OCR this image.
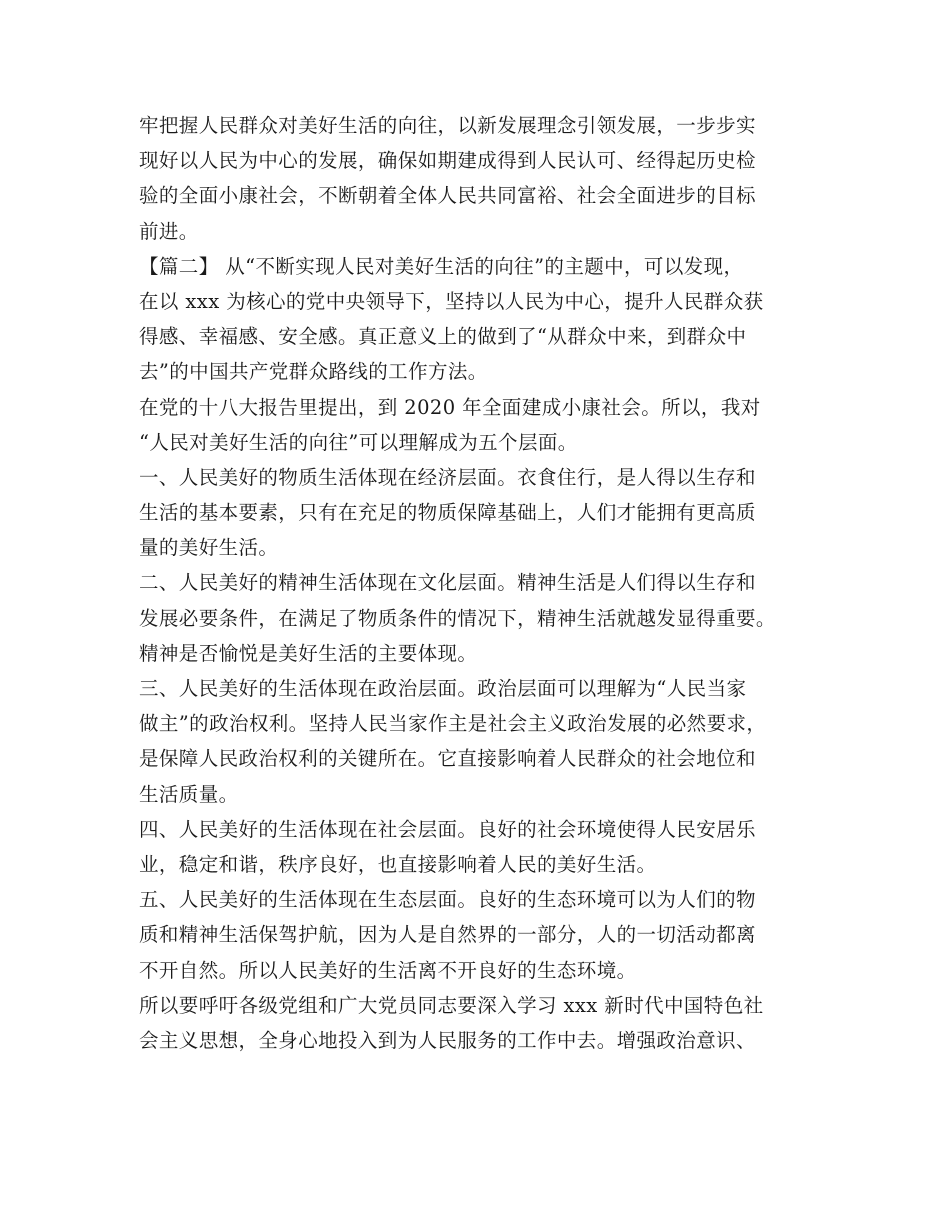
牢把握人民群众对美好生活的向往，以新发展理念引领发展，一步步实
现好以人民为中心的发展，确保如期建成得到人民认可、经得起历史检
验的全面小康社会，不断朝着全体人民共同富裕、社会全面进步的目标
前进。
【篇二】 从“不断实现人民对美好生活的向往”的主题中，可以发现，
在以 xxx 为核心的党中央领导下，坚持以人民为中心，提升人民群众获
得感、幸福感、安全感。真正意义上的做到了“从群众中来，到群众中
去”的中国共产党群众路线的工作方法。
在党的十八大报告里提出，到 2020 年全面建成小康社会。所以，我对
“人民对美好生活的向往”可以理解成为五个层面。
一、人民美好的物质生活体现在经济层面。衣食住行，是人得以生存和
生活的基本要素，只有在充足的物质保障基础上，人们才能拥有更高质
量的美好生活。
二、人民美好的精神生活体现在文化层面。精神生活是人们得以生存和
发展必要条件，在满足了物质条件的情况下，精神生活就越发显得重要。
精神是否愉悦是美好生活的主要体现。
三、人民美好的生活体现在政治层面。政治层面可以理解为“人民当家
做主”的政治权利。坚持人民当家作主是社会主义政治发展的必然要求，
是保障人民政治权利的关键所在。它直接影响着人民群众的社会地位和
生活质量。
四、人民美好的生活体现在社会层面。良好的社会环境使得人民安居乐
业，稳定和谐，秩序良好，也直接影响着人民的美好生活。
五、人民美好的生活体现在生态层面。良好的生态环境可以为人们的物
质和精神生活保驾护航，因为人是自然界的一部分，人的一切活动都离
不开自然。所以人民美好的生活离不开良好的生态环境。
所以要呼吁各级党组和广大党员同志要深入学习 xxx 新时代中国特色社
会主义思想，全身心地投入到为人民服务的工作中去。增强政治意识、
